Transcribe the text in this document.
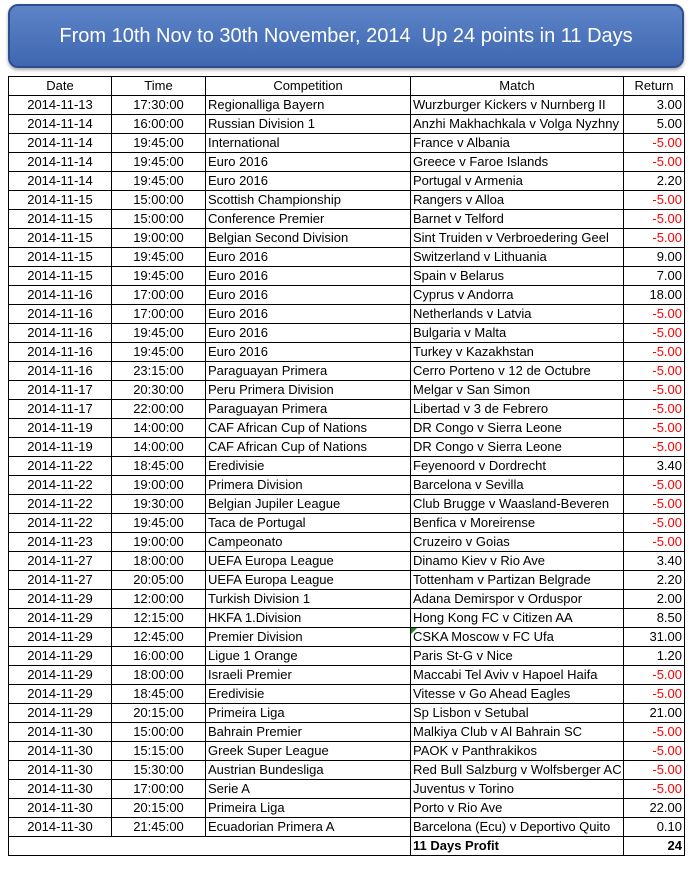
From 10th Nov to 30th November, 2014  Up 24 points in 11 Days
Date	Time	Competition	Match	Return
2014-11-13	17:30:00	Regionalliga Bayern	Wurzburger Kickers v Nurnberg II	3.00
2014-11-14	16:00:00	Russian Division 1	Anzhi Makhachkala v Volga Nyzhny	5.00
2014-11-14	19:45:00	International	France v Albania	-5.00
2014-11-14	19:45:00	Euro 2016	Greece v Faroe Islands	-5.00
2014-11-14	19:45:00	Euro 2016	Portugal v Armenia	2.20
2014-11-15	15:00:00	Scottish Championship	Rangers v Alloa	-5.00
2014-11-15	15:00:00	Conference Premier	Barnet v Telford	-5.00
2014-11-15	19:00:00	Belgian Second Division	Sint Truiden v Verbroedering Geel	-5.00
2014-11-15	19:45:00	Euro 2016	Switzerland v Lithuania	9.00
2014-11-15	19:45:00	Euro 2016	Spain v Belarus	7.00
2014-11-16	17:00:00	Euro 2016	Cyprus v Andorra	18.00
2014-11-16	17:00:00	Euro 2016	Netherlands v Latvia	-5.00
2014-11-16	19:45:00	Euro 2016	Bulgaria v Malta	-5.00
2014-11-16	19:45:00	Euro 2016	Turkey v Kazakhstan	-5.00
2014-11-16	23:15:00	Paraguayan Primera	Cerro Porteno v 12 de Octubre	-5.00
2014-11-17	20:30:00	Peru Primera Division	Melgar v San Simon	-5.00
2014-11-17	22:00:00	Paraguayan Primera	Libertad v 3 de Febrero	-5.00
2014-11-19	14:00:00	CAF African Cup of Nations	DR Congo v Sierra Leone	-5.00
2014-11-19	14:00:00	CAF African Cup of Nations	DR Congo v Sierra Leone	-5.00
2014-11-22	18:45:00	Eredivisie	Feyenoord v Dordrecht	3.40
2014-11-22	19:00:00	Primera Division	Barcelona v Sevilla	-5.00
2014-11-22	19:30:00	Belgian Jupiler League	Club Brugge v Waasland-Beveren	-5.00
2014-11-22	19:45:00	Taca de Portugal	Benfica v Moreirense	-5.00
2014-11-23	19:00:00	Campeonato	Cruzeiro v Goias	-5.00
2014-11-27	18:00:00	UEFA Europa League	Dinamo Kiev v Rio Ave	3.40
2014-11-27	20:05:00	UEFA Europa League	Tottenham v Partizan Belgrade	2.20
2014-11-29	12:00:00	Turkish Division 1	Adana Demirspor v Orduspor	2.00
2014-11-29	12:15:00	HKFA 1.Division	Hong Kong FC v Citizen AA	8.50
2014-11-29	12:45:00	Premier Division	CSKA Moscow v FC Ufa	31.00
2014-11-29	16:00:00	Ligue 1 Orange	Paris St-G v Nice	1.20
2014-11-29	18:00:00	Israeli Premier	Maccabi Tel Aviv v Hapoel Haifa	-5.00
2014-11-29	18:45:00	Eredivisie	Vitesse v Go Ahead Eagles	-5.00
2014-11-29	20:15:00	Primeira Liga	Sp Lisbon v Setubal	21.00
2014-11-30	15:00:00	Bahrain Premier	Malkiya Club v Al Bahrain SC	-5.00
2014-11-30	15:15:00	Greek Super League	PAOK v Panthrakikos	-5.00
2014-11-30	15:30:00	Austrian Bundesliga	Red Bull Salzburg v Wolfsberger AC	-5.00
2014-11-30	17:00:00	Serie A	Juventus v Torino	-5.00
2014-11-30	20:15:00	Primeira Liga	Porto v Rio Ave	22.00
2014-11-30	21:45:00	Ecuadorian Primera A	Barcelona (Ecu) v Deportivo Quito	0.10
			11 Days Profit	24
